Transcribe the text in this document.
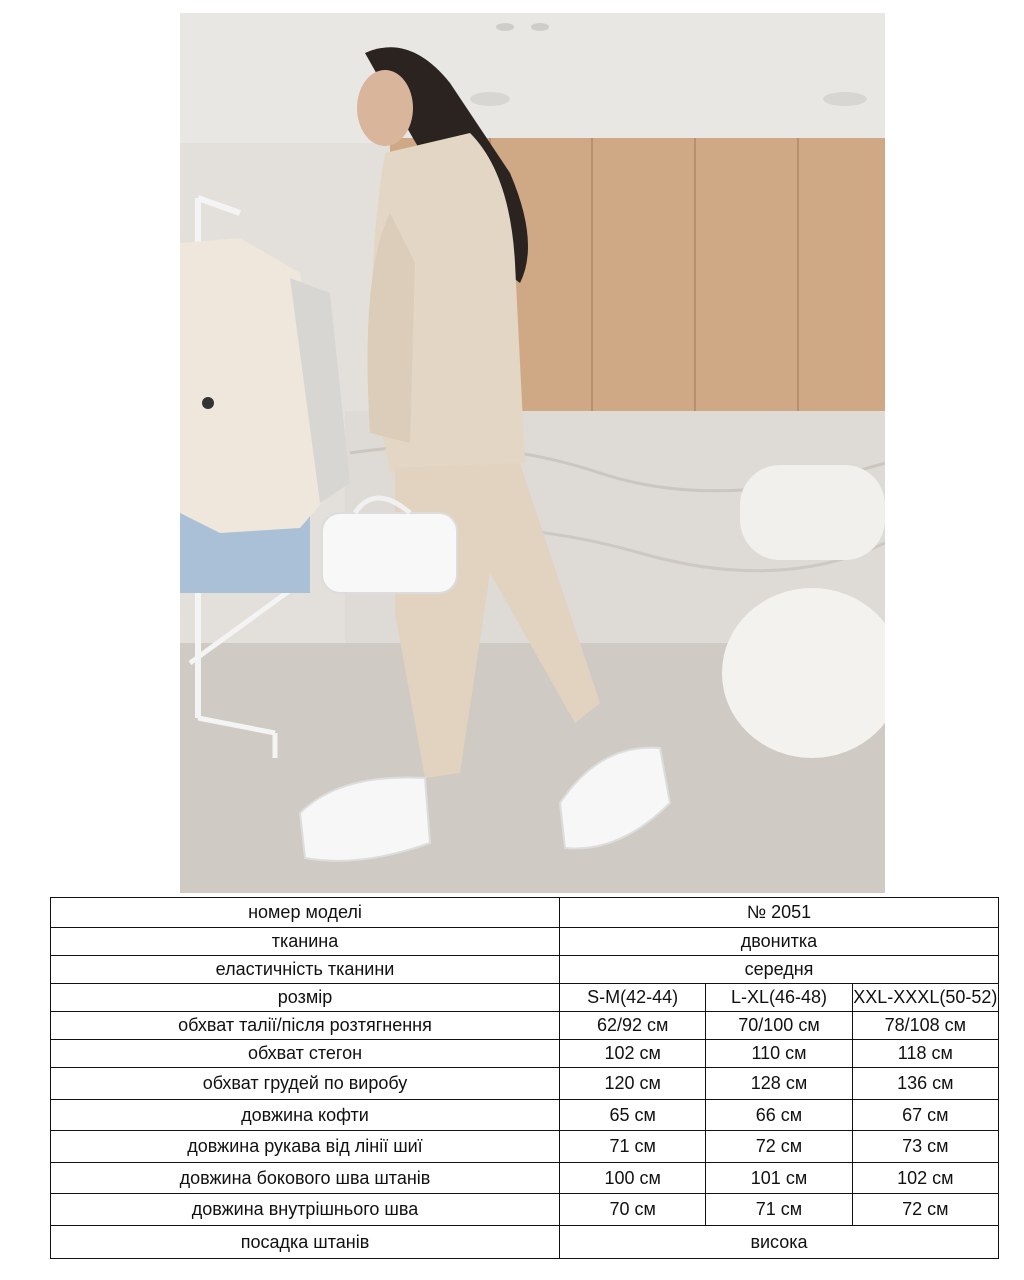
номер моделі	№ 2051		
тканина	двонитка		
еластичність тканини	середня		
розмір	S-M(42-44)	L-XL(46-48)	XXL-XXXL(50-52)
обхват талії/після розтягнення	62/92 см	70/100 см	78/108 см
обхват стегон	102 см	110 см	118 см
обхват грудей по виробу	120 см	128 см	136 см
довжина кофти	65 см	66 см	67 см
довжина рукава від лінії шиї	71 см	72 см	73 см
довжина бокового шва штанів	100 см	101 см	102 см
довжина внутрішнього шва	70 см	71 см	72 см
посадка штанів	висока		
